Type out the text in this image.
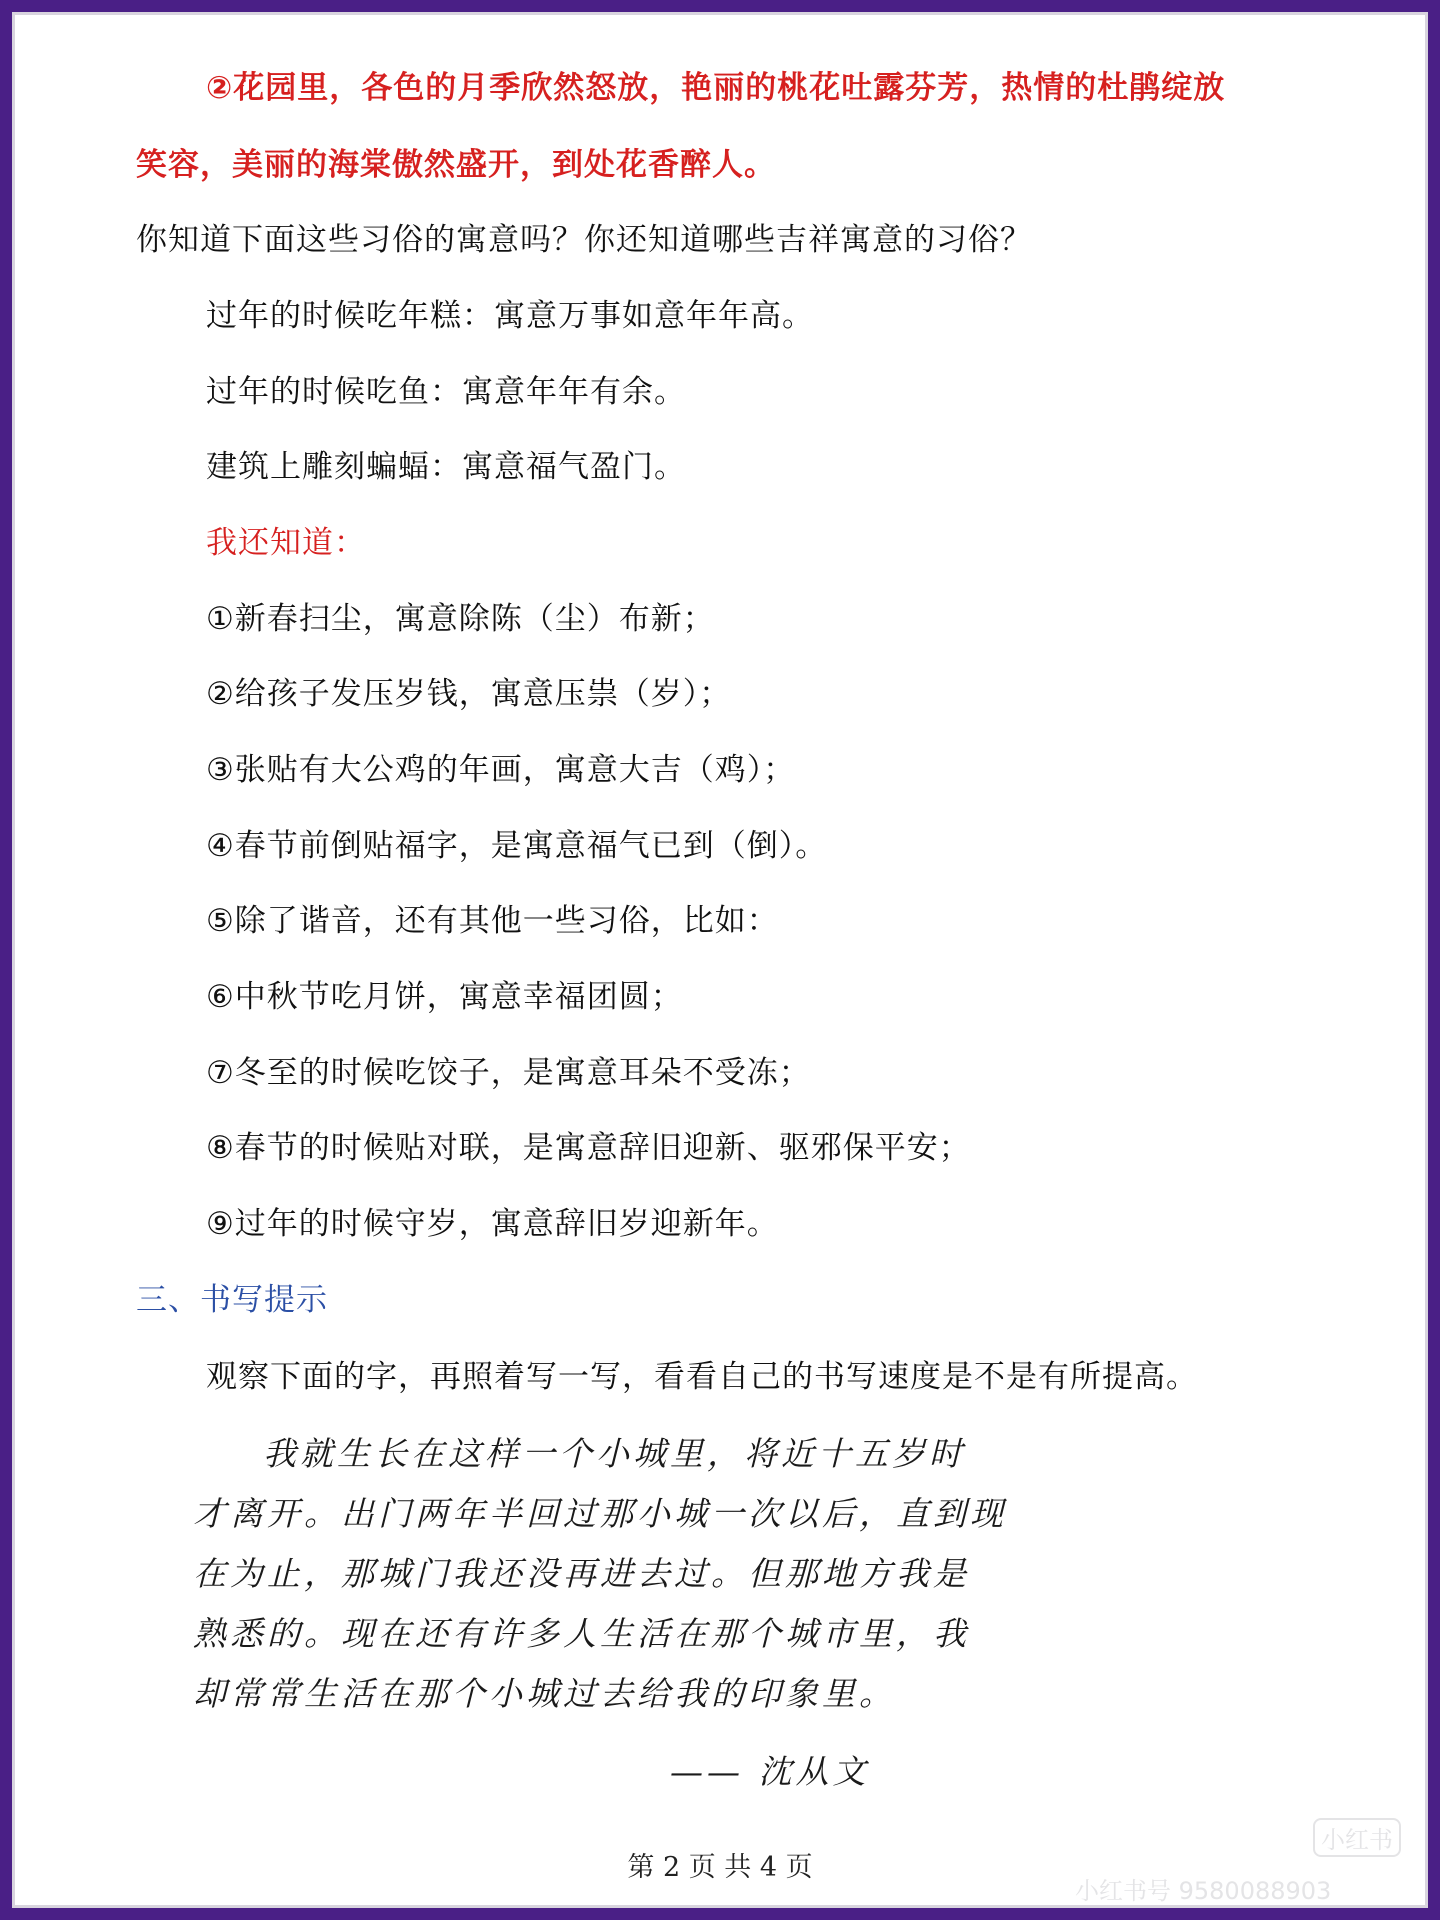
②花园里，各色的月季欣然怒放，艳丽的桃花吐露芬芳，热情的杜鹃绽放
笑容，美丽的海棠傲然盛开，到处花香醉人。
你知道下面这些习俗的寓意吗？你还知道哪些吉祥寓意的习俗？
过年的时候吃年糕：寓意万事如意年年高。
过年的时候吃鱼：寓意年年有余。
建筑上雕刻蝙蝠：寓意福气盈门。
我还知道：
①新春扫尘，寓意除陈（尘）布新；
②给孩子发压岁钱，寓意压祟（岁）；
③张贴有大公鸡的年画，寓意大吉（鸡）；
④春节前倒贴福字，是寓意福气已到（倒）。
⑤除了谐音，还有其他一些习俗，比如：
⑥中秋节吃月饼，寓意幸福团圆；
⑦冬至的时候吃饺子，是寓意耳朵不受冻；
⑧春节的时候贴对联，是寓意辞旧迎新、驱邪保平安；
⑨过年的时候守岁，寓意辞旧岁迎新年。
三、书写提示
观察下面的字，再照着写一写，看看自己的书写速度是不是有所提高。
我就生长在这样一个小城里，将近十五岁时
才离开。出门两年半回过那小城一次以后，直到现
在为止，那城门我还没再进去过。但那地方我是
熟悉的。现在还有许多人生活在那个城市里，我
却常常生活在那个小城过去给我的印象里。
—— 沈从文
第 2 页 共 4 页
小红书
小红书号 9580088903
